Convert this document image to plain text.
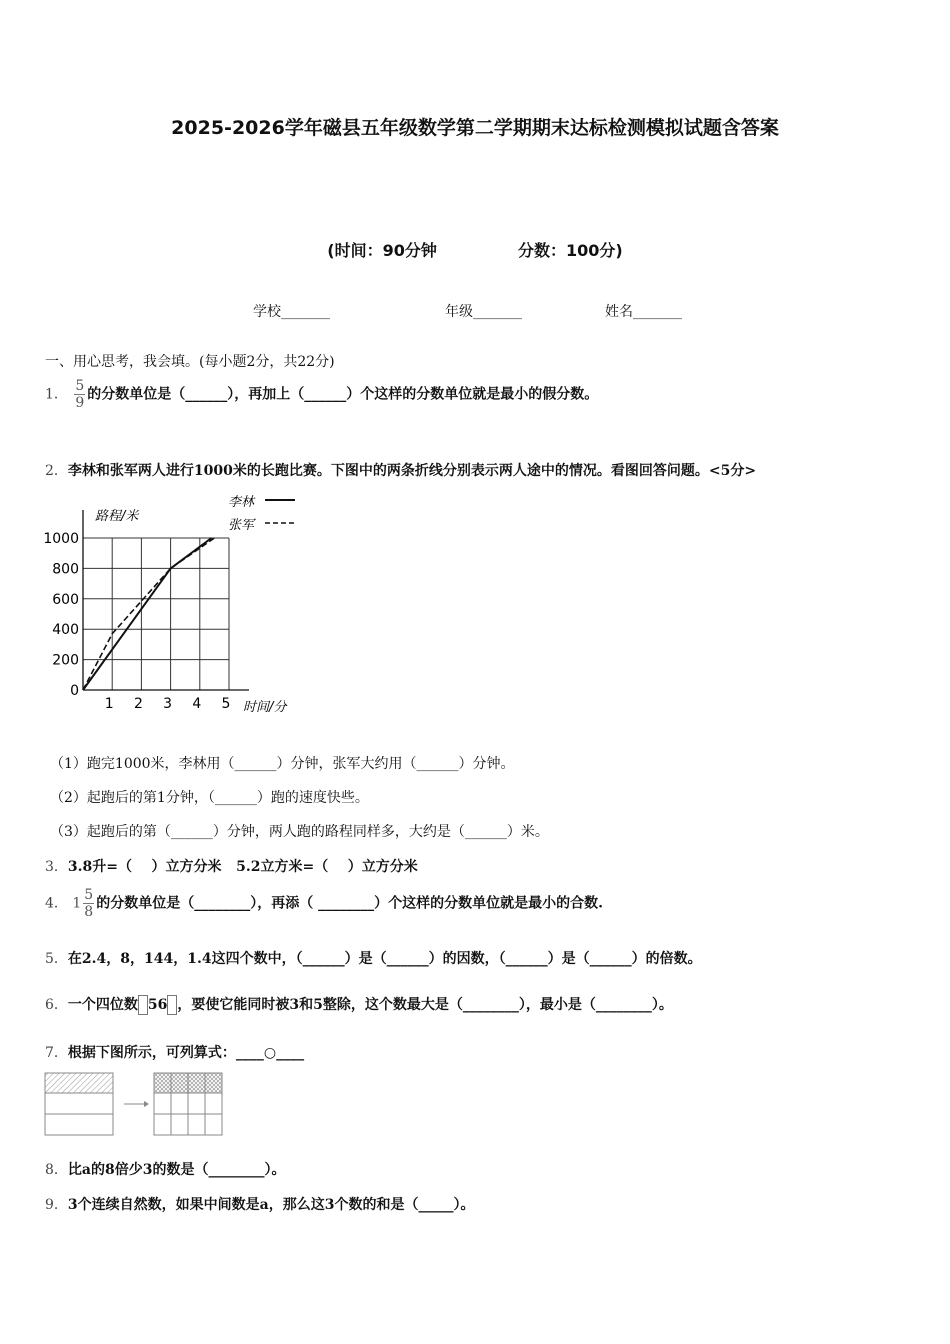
2025-2026学年磁县五年级数学第二学期期末达标检测模拟试题含答案
(时间：90分钟	分数：100分)
学校_______	年级_______	姓名_______
一、用心思考，我会填。(每小题2分，共22分)
1． $\frac{5}{9}$ 的分数单位是（______），再加上（______）个这样的分数单位就是最小的假分数。
2．李林和张军两人进行1000米的长跑比赛。下图中的两条折线分别表示两人途中的情况。看图回答问题。<5分>
0
200
400
600
800
1000
1 2 3 4 5
路程/米
时间/分
李林
张军
（1）跑完1000米，李林用（______）分钟，张军大约用（______）分钟。
（2）起跑后的第1分钟，（______）跑的速度快些。
（3）起跑后的第（______）分钟，两人跑的路程同样多，大约是（______）米。
3．3.8升=（    ）立方分米   5.2立方米=（    ）立方分米
4． $1 \frac{5}{8}$ 的分数单位是（________），再添（ ________）个这样的分数单位就是最小的合数.
5．在2.4，8，144，1.4这四个数中，（______）是（______）的因数，（______）是（______）的倍数。
6．一个四位数 56 ，要使它能同时被3和5整除，这个数最大是（________），最小是（________）。
7．根据下图所示，可列算式：____○____
8．比a的8倍少3的数是（________）。
9．3个连续自然数，如果中间数是a，那么这3个数的和是（_____）。
